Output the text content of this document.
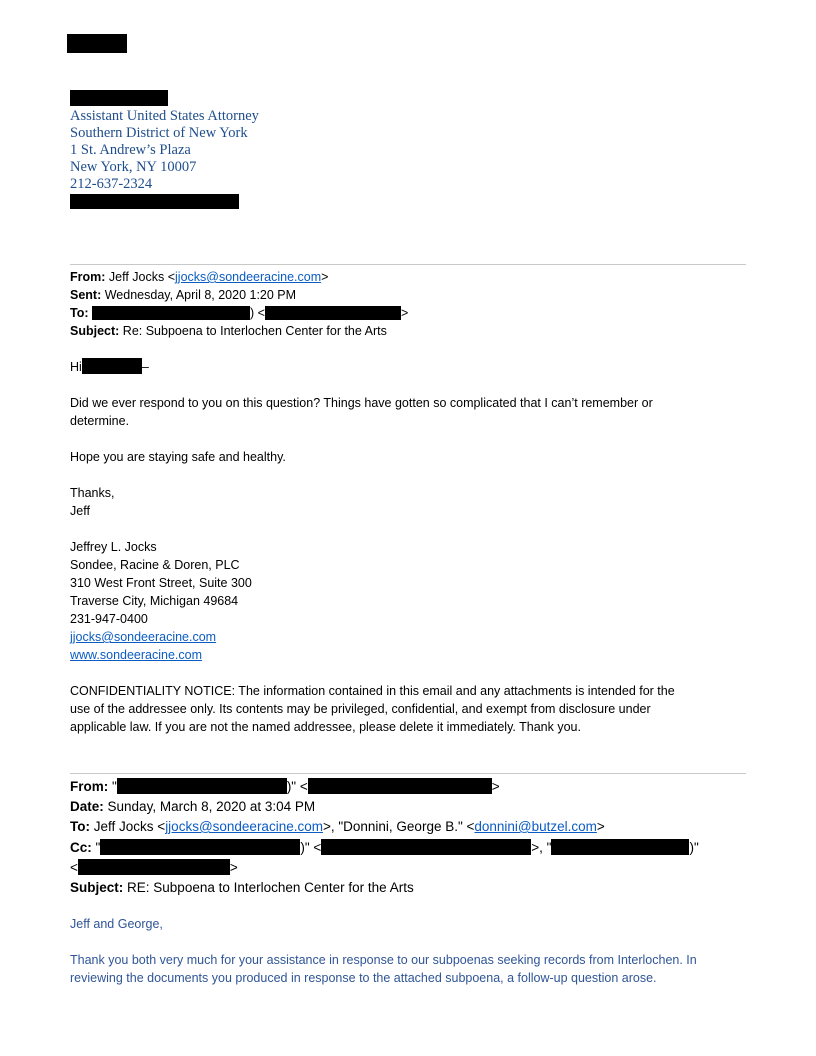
Assistant United States Attorney
Southern District of New York
1 St. Andrew’s Plaza
New York, NY 10007
212-637-2324
From: Jeff Jocks <jjocks@sondeeracine.com>
Sent: Wednesday, April 8, 2020 1:20 PM
To:	) <	>
Subject: Re: Subpoena to Interlochen Center for the Arts
Hi	–
Did we ever respond to you on this question? Things have gotten so complicated that I can’t remember or
determine.
Hope you are staying safe and healthy.
Thanks,
Jeff
Jeffrey L. Jocks
Sondee, Racine & Doren, PLC
310 West Front Street, Suite 300
Traverse City, Michigan 49684
231-947-0400
jjocks@sondeeracine.com
www.sondeeracine.com
CONFIDENTIALITY NOTICE: The information contained in this email and any attachments is intended for the
use of the addressee only. Its contents may be privileged, confidential, and exempt from disclosure under
applicable law. If you are not the named addressee, please delete it immediately. Thank you.
From: "	)" <	>
Date: Sunday, March 8, 2020 at 3:04 PM
To: Jeff Jocks <jjocks@sondeeracine.com>, "Donnini, George B." <donnini@butzel.com>
Cc: "	)" <	>, "	)"
<	>
Subject: RE: Subpoena to Interlochen Center for the Arts
Jeff and George,
Thank you both very much for your assistance in response to our subpoenas seeking records from Interlochen. In
reviewing the documents you produced in response to the attached subpoena, a follow-up question arose.
